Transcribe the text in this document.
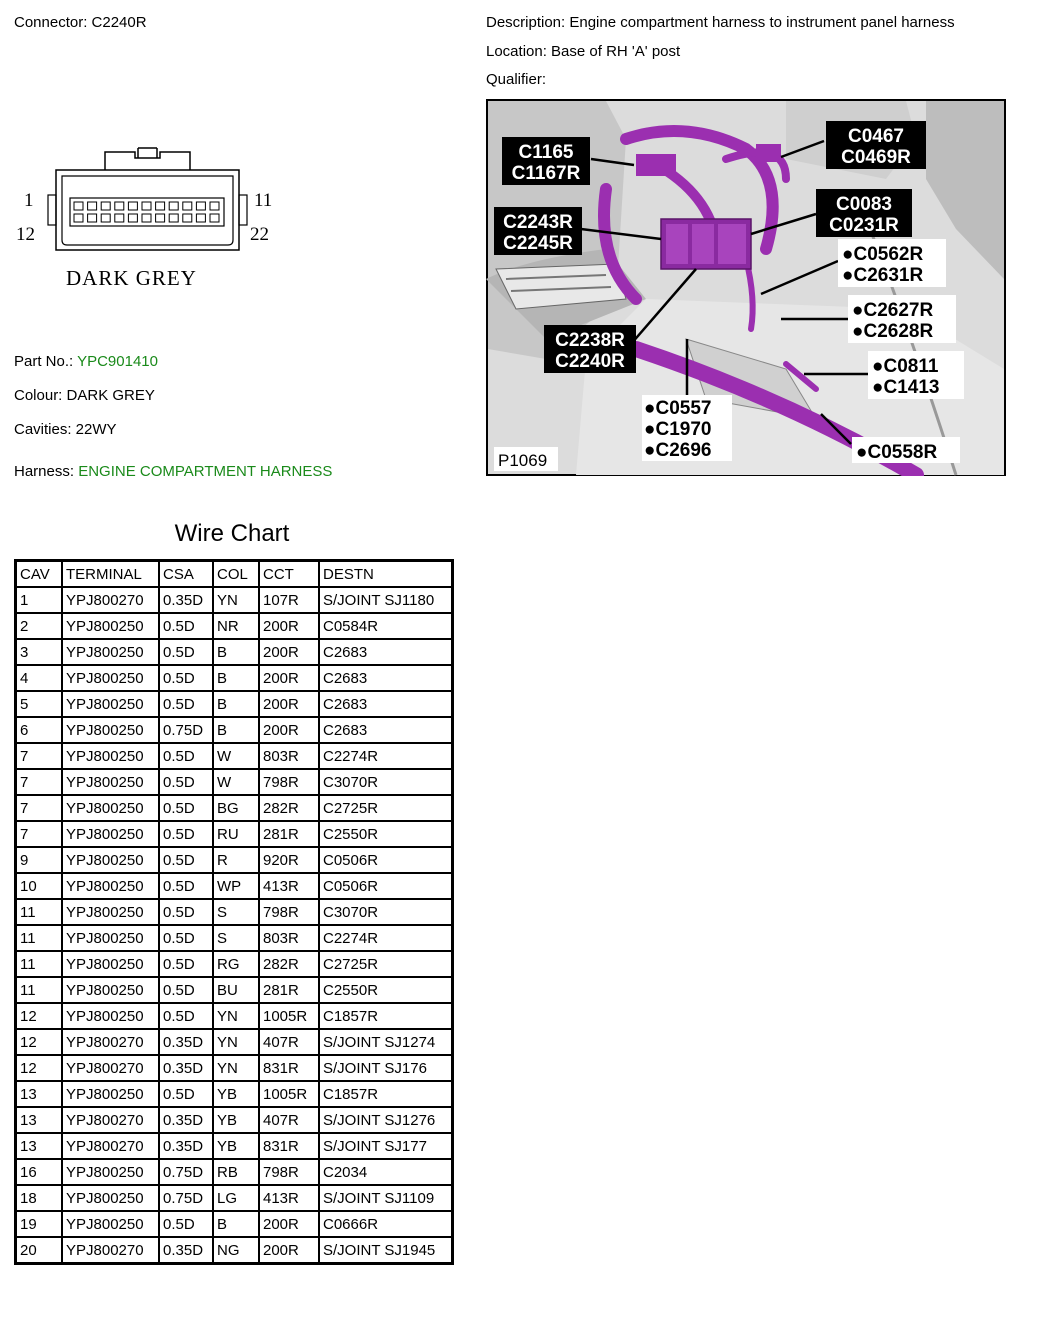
Connector: C2240R	Description: Engine compartment harness to instrument panel harness
Location: Base of RH 'A' post
Qualifier:
1
12
11
22
DARK GREY
Part No.: YPC901410
Colour: DARK GREY
Cavities: 22WY
Harness: ENGINE COMPARTMENT HARNESS
C1165
C1167R
C0467
C0469R
C2243R
C2245R
C0083
C0231R
●C0562R
●C2631R
●C2627R
●C2628R
C2238R
C2240R	●C0811
●C1413
●C0557
●C1970
●C2696	●C0558R
P1069
Wire Chart
CAV	TERMINAL	CSA	COL	CCT	DESTN
1	YPJ800270	0.35D	YN	107R	S/JOINT SJ1180
2	YPJ800250	0.5D	NR	200R	C0584R
3	YPJ800250	0.5D	B	200R	C2683
4	YPJ800250	0.5D	B	200R	C2683
5	YPJ800250	0.5D	B	200R	C2683
6	YPJ800250	0.75D	B	200R	C2683
7	YPJ800250	0.5D	W	803R	C2274R
7	YPJ800250	0.5D	W	798R	C3070R
7	YPJ800250	0.5D	BG	282R	C2725R
7	YPJ800250	0.5D	RU	281R	C2550R
9	YPJ800250	0.5D	R	920R	C0506R
10	YPJ800250	0.5D	WP	413R	C0506R
11	YPJ800250	0.5D	S	798R	C3070R
11	YPJ800250	0.5D	S	803R	C2274R
11	YPJ800250	0.5D	RG	282R	C2725R
11	YPJ800250	0.5D	BU	281R	C2550R
12	YPJ800250	0.5D	YN	1005R	C1857R
12	YPJ800270	0.35D	YN	407R	S/JOINT SJ1274
12	YPJ800270	0.35D	YN	831R	S/JOINT SJ176
13	YPJ800250	0.5D	YB	1005R	C1857R
13	YPJ800270	0.35D	YB	407R	S/JOINT SJ1276
13	YPJ800270	0.35D	YB	831R	S/JOINT SJ177
16	YPJ800250	0.75D	RB	798R	C2034
18	YPJ800250	0.75D	LG	413R	S/JOINT SJ1109
19	YPJ800250	0.5D	B	200R	C0666R
20	YPJ800270	0.35D	NG	200R	S/JOINT SJ1945
